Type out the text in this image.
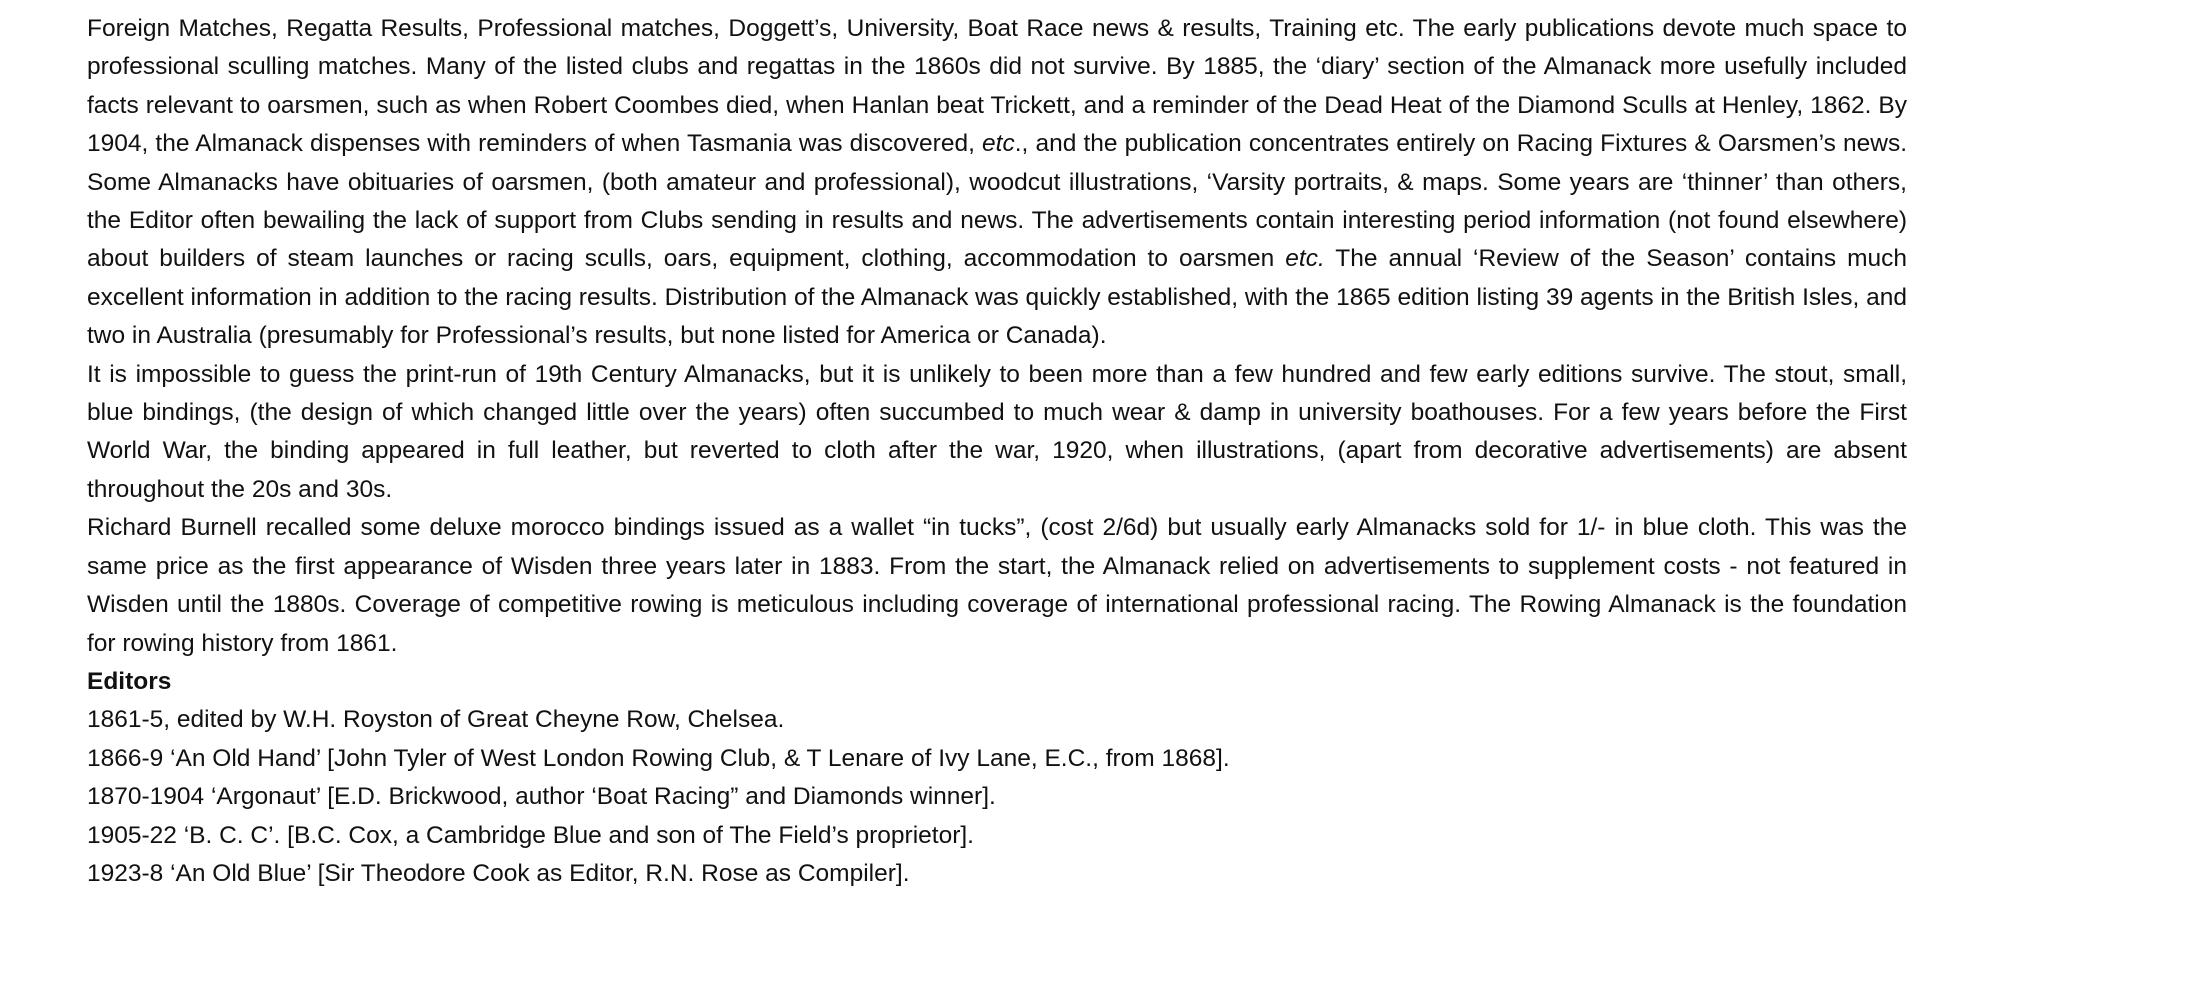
Foreign Matches, Regatta Results, Professional matches, Doggett’s, University, Boat Race news & results, Training etc. The early publications devote much space to professional sculling matches. Many of the listed clubs and regattas in the 1860s did not survive. By 1885, the ‘diary’ section of the Almanack more usefully included facts relevant to oarsmen, such as when Robert Coombes died, when Hanlan beat Trickett, and a reminder of the Dead Heat of the Diamond Sculls at Henley, 1862. By 1904, the Almanack dispenses with reminders of when Tasmania was discovered, etc., and the publication concentrates entirely on Racing Fixtures & Oarsmen’s news. Some Almanacks have obituaries of oarsmen, (both amateur and professional), woodcut illustrations, ‘Varsity portraits, & maps. Some years are ‘thinner’ than others, the Editor often bewailing the lack of support from Clubs sending in results and news. The advertisements contain interesting period information (not found elsewhere) about builders of steam launches or racing sculls, oars, equipment, clothing, accommodation to oarsmen etc. The annual ‘Review of the Season’ contains much excellent information in addition to the racing results. Distribution of the Almanack was quickly established, with the 1865 edition listing 39 agents in the British Isles, and two in Australia (presumably for Professional’s results, but none listed for America or Canada).

It is impossible to guess the print-run of 19th Century Almanacks, but it is unlikely to been more than a few hundred and few early editions survive. The stout, small, blue bindings, (the design of which changed little over the years) often succumbed to much wear & damp in university boathouses. For a few years before the First World War, the binding appeared in full leather, but reverted to cloth after the war, 1920, when illustrations, (apart from decorative advertisements) are absent throughout the 20s and 30s.

Richard Burnell recalled some deluxe morocco bindings issued as a wallet “in tucks”, (cost 2/6d) but usually early Almanacks sold for 1/- in blue cloth. This was the same price as the first appearance of Wisden three years later in 1883. From the start, the Almanack relied on advertisements to supplement costs - not featured in Wisden until the 1880s. Coverage of competitive rowing is meticulous including coverage of international professional racing. The Rowing Almanack is the foundation for rowing history from 1861.

Editors

1861-5, edited by W.H. Royston of Great Cheyne Row, Chelsea.

1866-9 ‘An Old Hand’ [John Tyler of West London Rowing Club, & T Lenare of Ivy Lane, E.C., from 1868].

1870-1904 ‘Argonaut’ [E.D. Brickwood, author ‘Boat Racing” and Diamonds winner].

1905-22 ‘B. C. C’. [B.C. Cox, a Cambridge Blue and son of The Field’s proprietor].

1923-8 ‘An Old Blue’ [Sir Theodore Cook as Editor, R.N. Rose as Compiler].
